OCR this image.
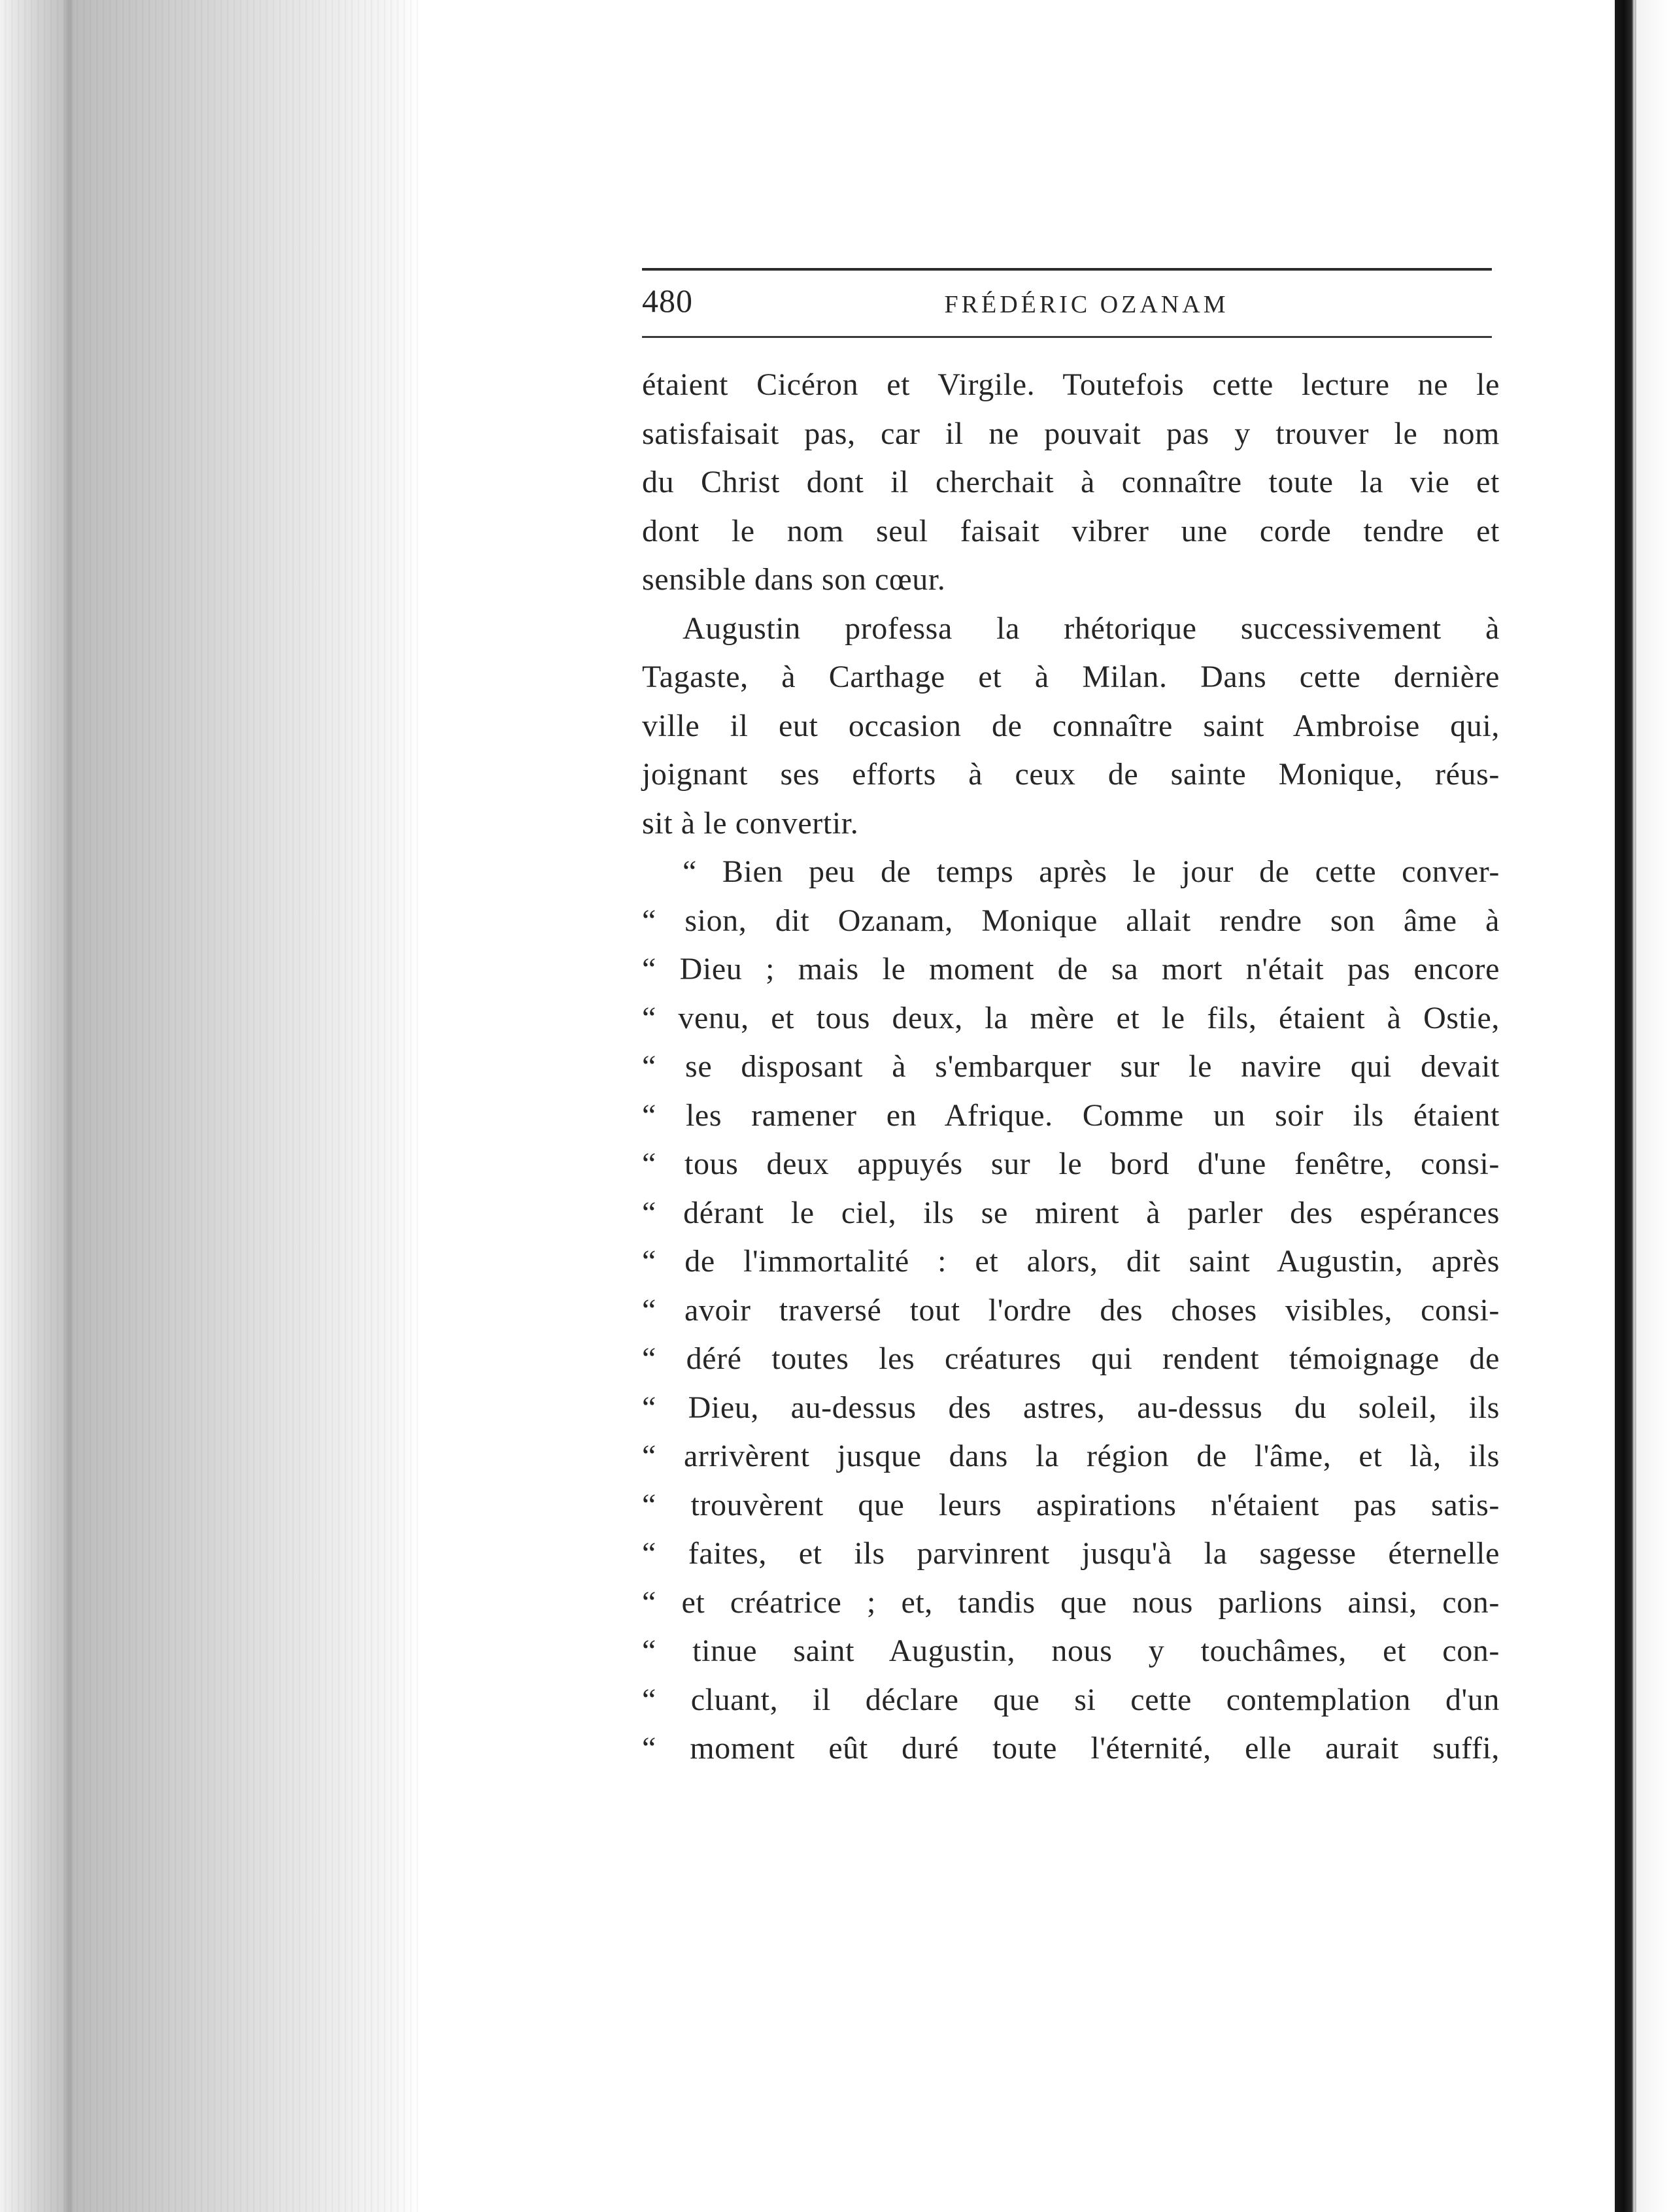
480	FRÉDÉRIC OZANAM
étaient Cicéron et Virgile. Toutefois cette lecture ne le
satisfaisait pas, car il ne pouvait pas y trouver le nom
du Christ dont il cherchait à connaître toute la vie et
dont le nom seul faisait vibrer une corde tendre et
sensible dans son cœur.
Augustin professa la rhétorique successivement à
Tagaste, à Carthage et à Milan. Dans cette dernière
ville il eut occasion de connaître saint Ambroise qui,
joignant ses efforts à ceux de sainte Monique, réus-
sit à le convertir.
“ Bien peu de temps après le jour de cette conver-
“ sion, dit Ozanam, Monique allait rendre son âme à
“ Dieu ; mais le moment de sa mort n'était pas encore
“ venu, et tous deux, la mère et le fils, étaient à Ostie,
“ se disposant à s'embarquer sur le navire qui devait
“ les ramener en Afrique. Comme un soir ils étaient
“ tous deux appuyés sur le bord d'une fenêtre, consi-
“ dérant le ciel, ils se mirent à parler des espérances
“ de l'immortalité : et alors, dit saint Augustin, après
“ avoir traversé tout l'ordre des choses visibles, consi-
“ déré toutes les créatures qui rendent témoignage de
“ Dieu, au-dessus des astres, au-dessus du soleil, ils
“ arrivèrent jusque dans la région de l'âme, et là, ils
“ trouvèrent que leurs aspirations n'étaient pas satis-
“ faites, et ils parvinrent jusqu'à la sagesse éternelle
“ et créatrice ; et, tandis que nous parlions ainsi, con-
“ tinue saint Augustin, nous y touchâmes, et con-
“ cluant, il déclare que si cette contemplation d'un
“ moment eût duré toute l'éternité, elle aurait suffi,
